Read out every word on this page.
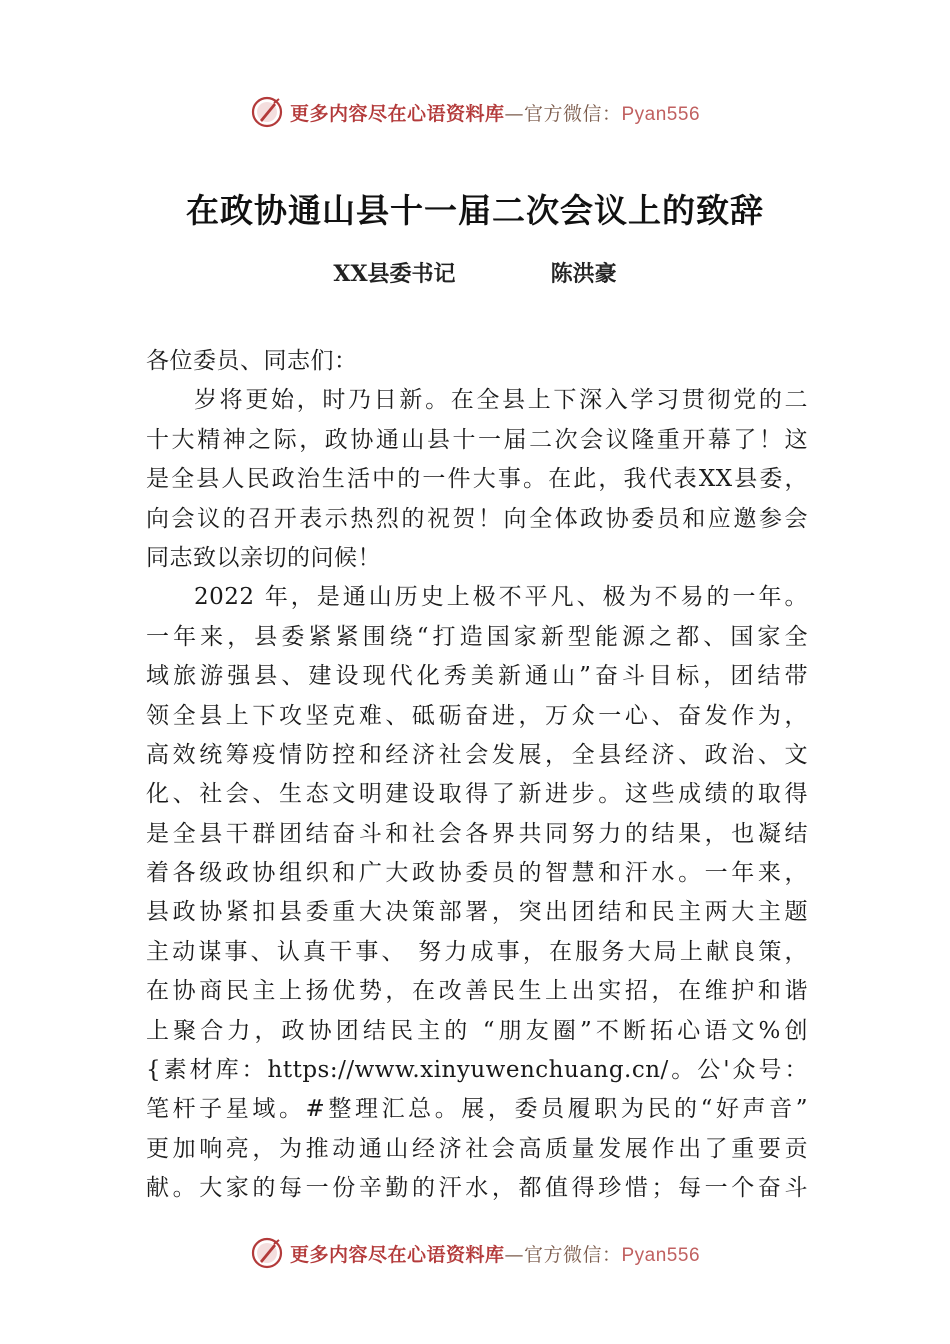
更多内容尽在心语资料库—官方微信：Pyan556
在政协通山县十一届二次会议上的致辞
XX县委书记	陈洪豪
各位委员、同志们：
岁将更始，时乃日新。在全县上下深入学习贯彻党的二
十大精神之际，政协通山县十一届二次会议隆重开幕了！这
是全县人民政治生活中的一件大事。在此，我代表XX县委，
向会议的召开表示热烈的祝贺！向全体政协委员和应邀参会
同志致以亲切的问候！
2022 年，是通山历史上极不平凡、极为不易的一年。
一年来，县委紧紧围绕“打造国家新型能源之都、国家全
域旅游强县、建设现代化秀美新通山”奋斗目标，团结带
领全县上下攻坚克难、砥砺奋进，万众一心、奋发作为，
高效统筹疫情防控和经济社会发展，全县经济、政治、文
化、社会、生态文明建设取得了新进步。这些成绩的取得
是全县干群团结奋斗和社会各界共同努力的结果，也凝结
着各级政协组织和广大政协委员的智慧和汗水。一年来，
县政协紧扣县委重大决策部署，突出团结和民主两大主题
主动谋事、认真干事、 努力成事，在服务大局上献良策，
在协商民主上扬优势，在改善民生上出实招，在维护和谐
上聚合力，政协团结民主的 “朋友圈”不断拓心语文%创
{素材库：https://www.xinyuwenchuang.cn/。公'众号：
笔杆子星域。#整理汇总。展，委员履职为民的“好声音”
更加响亮，为推动通山经济社会高质量发展作出了重要贡
献。大家的每一份辛勤的汗水，都值得珍惜；每一个奋斗
更多内容尽在心语资料库—官方微信：Pyan556
